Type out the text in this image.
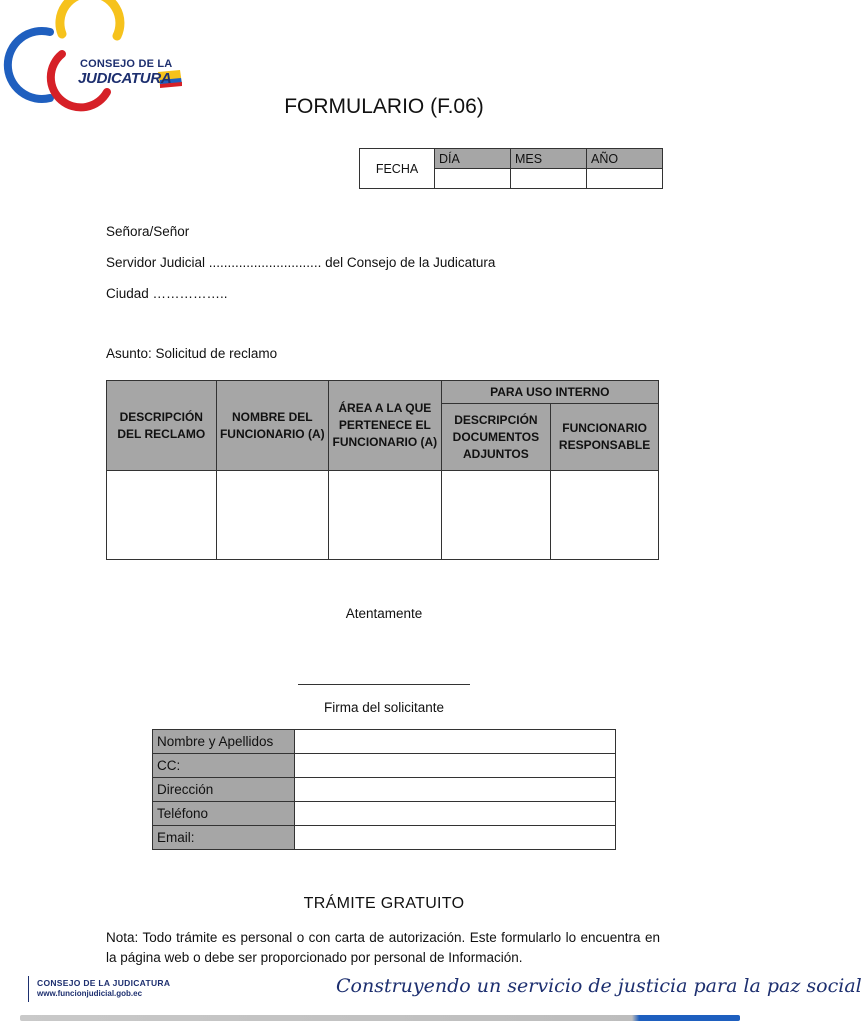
CONSEJO DE LA
JUDICATURA
FORMULARIO (F.06)
FECHA	DÍA	MES	AÑO

Señora/Señor
Servidor Judicial .............................. del Consejo de la Judicatura
Ciudad ……………..
Asunto: Solicitud de reclamo
DESCRIPCIÓN DEL RECLAMO	NOMBRE DEL FUNCIONARIO (A)	ÁREA A LA QUE PERTENECE EL FUNCIONARIO (A)	PARA USO INTERNO	
			DESCRIPCIÓN DOCUMENTOS ADJUNTOS	FUNCIONARIO RESPONSABLE

Atentamente
Firma del solicitante
Nombre y Apellidos	
CC:	
Dirección	
Teléfono	
Email:	
TRÁMITE GRATUITO
Nota: Todo trámite es personal o con carta de autorización. Este formularlo lo encuentra en la página web o debe ser proporcionado por personal de Información.
CONSEJO DE LA JUDICATURA
www.funcionjudicial.gob.ec	Construyendo un servicio de justicia para la paz social
